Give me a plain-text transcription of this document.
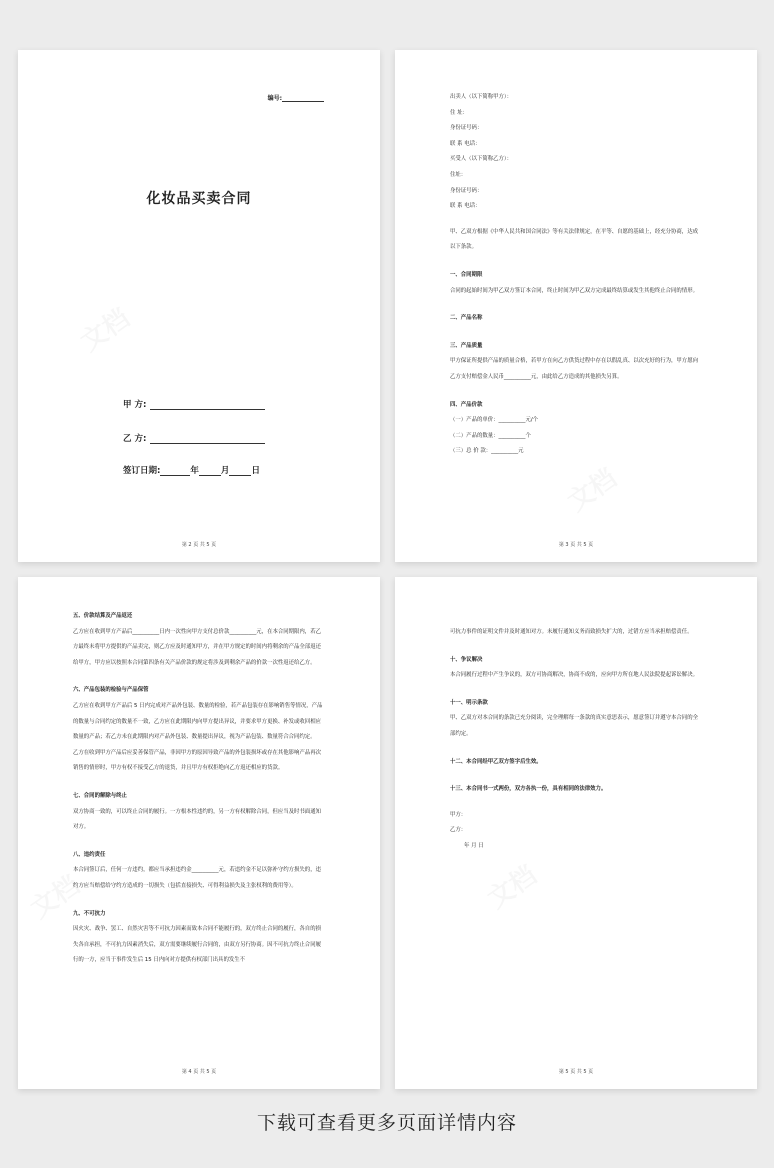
编号:
化妆品买卖合同
甲 方:
乙 方:
签订日期:	年	月	日
第 2 页 共 5 页
出卖人（以下简称甲方）：
住 址：
身份证号码：
联 系 电话：
买受人（以下简称乙方）：
住址：
身份证号码：
联 系 电话：
甲、乙双方根据《中华人民共和国合同法》等有关法律规定，在平等、自愿的基础上，经充分协商，达成以下条款。
一、合同期限
合同的起始时间为甲乙双方签订本合同，终止时间为甲乙双方完成最终结算或发生其他终止合同的情形。
二、产品名称
三、产品质量
甲方保证所提供产品的质量合格，若甲方在向乙方供货过程中存在以假乱真、以次充好的行为，甲方愿向乙方支付赔偿金人民币__________元，由此给乙方造成的其他损失另算。
四、产品价款
（一）产品的单价：__________元/个
（二）产品的数量：__________个
（三）总 价 款：__________元
第 3 页 共 5 页
五、价款结算及产品返还
乙方应在收到甲方产品后__________日内一次性向甲方支付总价款__________元，在本合同期限内，若乙方最终未将甲方提供的产品卖完，则乙方应及时通知甲方，并在甲方规定的时间内将剩余的产品全部返还给甲方，甲方应以按照本合同第四条有关产品价款的规定将涉及到剩余产品的价款一次性返还给乙方。
六、产品包装的检验与产品保管
乙方应在收到甲方产品后 5 日内完成对产品外包装、数量的检验，若产品包装存在影响销售等情况，产品的数量与合同约定的数量不一致，乙方应在此期限内向甲方提出异议，并要求甲方更换、补发或收回相应数量的产品；若乙方未在此期限内对产品外包装、数量提出异议，视为产品包装、数量符合合同约定。
乙方在收到甲方产品后应妥善保管产品，非因甲方的原因导致产品的外包装损坏或存在其他影响产品再次销售的情形时，甲方有权不接受乙方的退货，并且甲方有权拒绝向乙方返还相应的货款。
七、合同的解除与终止
双方协商一致的，可以终止合同的履行。一方根本性违约的，另一方有权解除合同，但应当及时书面通知对方。
八、违约责任
本合同签订后，任何一方违约，都应当承担违约金__________元，若违约金不足以弥补守约方损失的，违约方应当赔偿给守约方造成的一切损失（包括直接损失、可得利益损失及主张权利的费用等）。
九、不可抗力
因火灾、战争、罢工、自然灾害等不可抗力因素而致本合同不能履行的，双方终止合同的履行，各自的损失各自承担，不可抗力因素消失后，双方需要继续履行合同的，由双方另行协商。因不可抗力终止合同履行的一方，应当于事件发生后 15 日内向对方提供有权部门出具的发生不
第 4 页 共 5 页
可抗力事件的证明文件并及时通知对方。未履行通知义务而致损失扩大的，过错方应当承担赔偿责任。
十、争议解决
本合同履行过程中产生争议的，双方可协商解决，协商不成的，应向甲方所在地人民法院提起诉讼解决。
十一、明示条款
甲、乙双方对本合同的条款已充分阅读，完全理解每一条款的真实意思表示，愿意签订并遵守本合同的全部约定。
十二、本合同经甲乙双方签字后生效。
十三、本合同书一式两份，双方各执一份，具有相同的法律效力。
甲方：
乙方：
年 月 日
第 5 页 共 5 页
下载可查看更多页面详情内容
